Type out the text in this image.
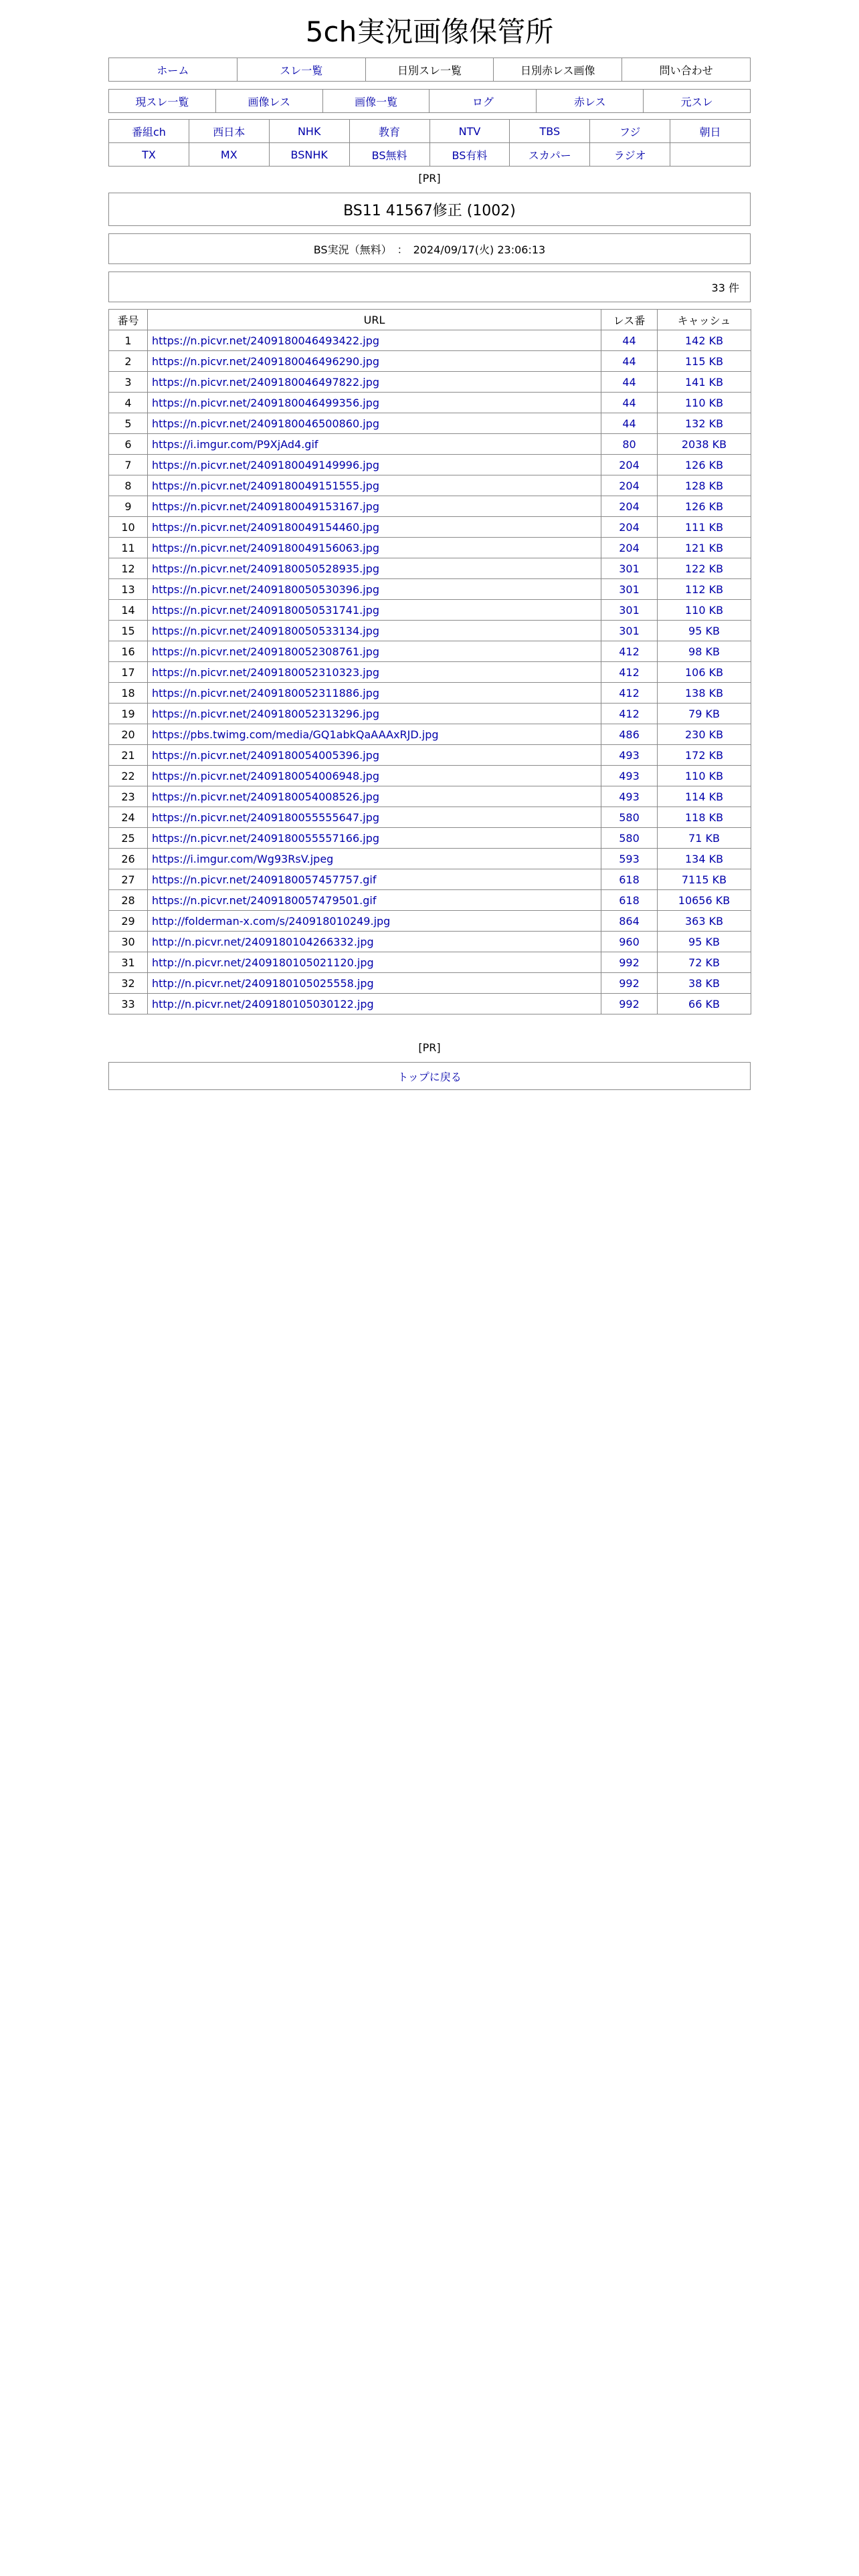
5ch実況画像保管所
ホーム	スレ一覧	日別スレ一覧	日別赤レス画像	問い合わせ
現スレ一覧	画像レス	画像一覧	ログ	赤レス	元スレ
番組ch	西日本	NHK	教育	NTV	TBS	フジ	朝日
TX	MX	BSNHK	BS無料	BS有料	スカパー	ラジオ	
[PR]
BS11 41567修正 (1002)
BS実況（無料）　：　2024/09/17(火) 23:06:13
33 件
番号	URL	レス番	キャッシュ
1	https://n.picvr.net/2409180046493422.jpg	44	142 KB
2	https://n.picvr.net/2409180046496290.jpg	44	115 KB
3	https://n.picvr.net/2409180046497822.jpg	44	141 KB
4	https://n.picvr.net/2409180046499356.jpg	44	110 KB
5	https://n.picvr.net/2409180046500860.jpg	44	132 KB
6	https://i.imgur.com/P9XjAd4.gif	80	2038 KB
7	https://n.picvr.net/2409180049149996.jpg	204	126 KB
8	https://n.picvr.net/2409180049151555.jpg	204	128 KB
9	https://n.picvr.net/2409180049153167.jpg	204	126 KB
10	https://n.picvr.net/2409180049154460.jpg	204	111 KB
11	https://n.picvr.net/2409180049156063.jpg	204	121 KB
12	https://n.picvr.net/2409180050528935.jpg	301	122 KB
13	https://n.picvr.net/2409180050530396.jpg	301	112 KB
14	https://n.picvr.net/2409180050531741.jpg	301	110 KB
15	https://n.picvr.net/2409180050533134.jpg	301	95 KB
16	https://n.picvr.net/2409180052308761.jpg	412	98 KB
17	https://n.picvr.net/2409180052310323.jpg	412	106 KB
18	https://n.picvr.net/2409180052311886.jpg	412	138 KB
19	https://n.picvr.net/2409180052313296.jpg	412	79 KB
20	https://pbs.twimg.com/media/GQ1abkQaAAAxRJD.jpg	486	230 KB
21	https://n.picvr.net/2409180054005396.jpg	493	172 KB
22	https://n.picvr.net/2409180054006948.jpg	493	110 KB
23	https://n.picvr.net/2409180054008526.jpg	493	114 KB
24	https://n.picvr.net/2409180055555647.jpg	580	118 KB
25	https://n.picvr.net/2409180055557166.jpg	580	71 KB
26	https://i.imgur.com/Wg93RsV.jpeg	593	134 KB
27	https://n.picvr.net/2409180057457757.gif	618	7115 KB
28	https://n.picvr.net/2409180057479501.gif	618	10656 KB
29	http://folderman-x.com/s/240918010249.jpg	864	363 KB
30	http://n.picvr.net/2409180104266332.jpg	960	95 KB
31	http://n.picvr.net/2409180105021120.jpg	992	72 KB
32	http://n.picvr.net/2409180105025558.jpg	992	38 KB
33	http://n.picvr.net/2409180105030122.jpg	992	66 KB
[PR]
トップに戻る
